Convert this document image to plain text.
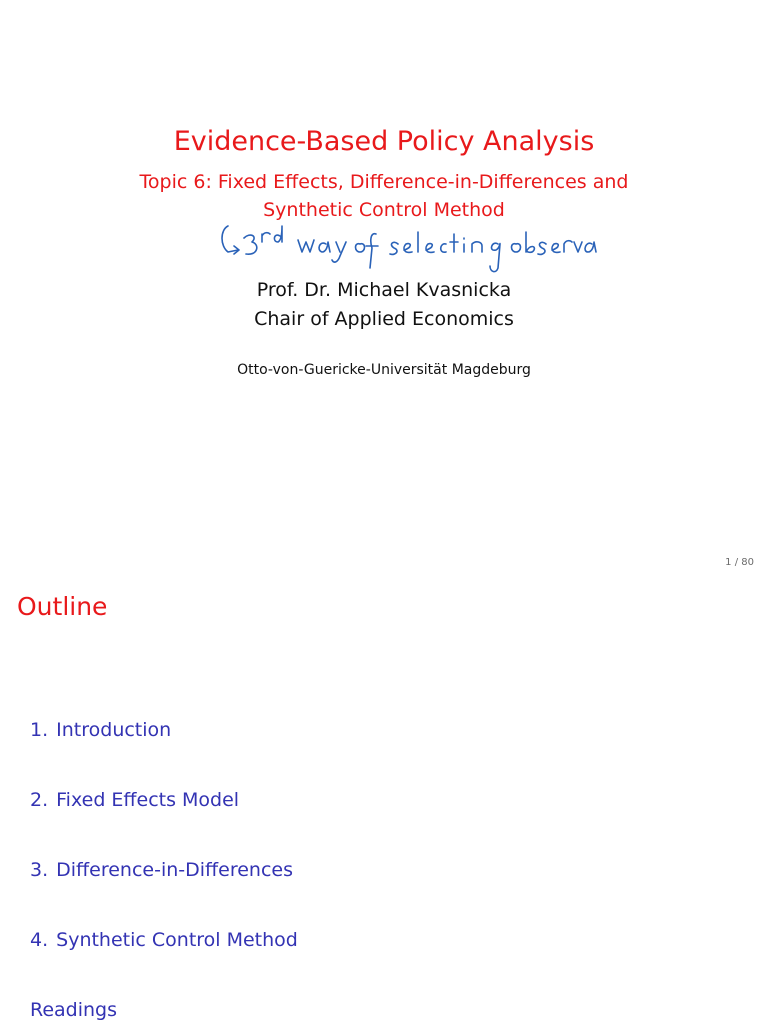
Evidence-Based Policy Analysis
Topic 6: Fixed Effects, Difference-in-Differences and
Synthetic Control Method
Prof. Dr. Michael Kvasnicka
Chair of Applied Economics
Otto-von-Guericke-Universität Magdeburg
1 / 80
Outline
1. Introduction
2. Fixed Effects Model
3. Difference-in-Differences
4. Synthetic Control Method
Readings
